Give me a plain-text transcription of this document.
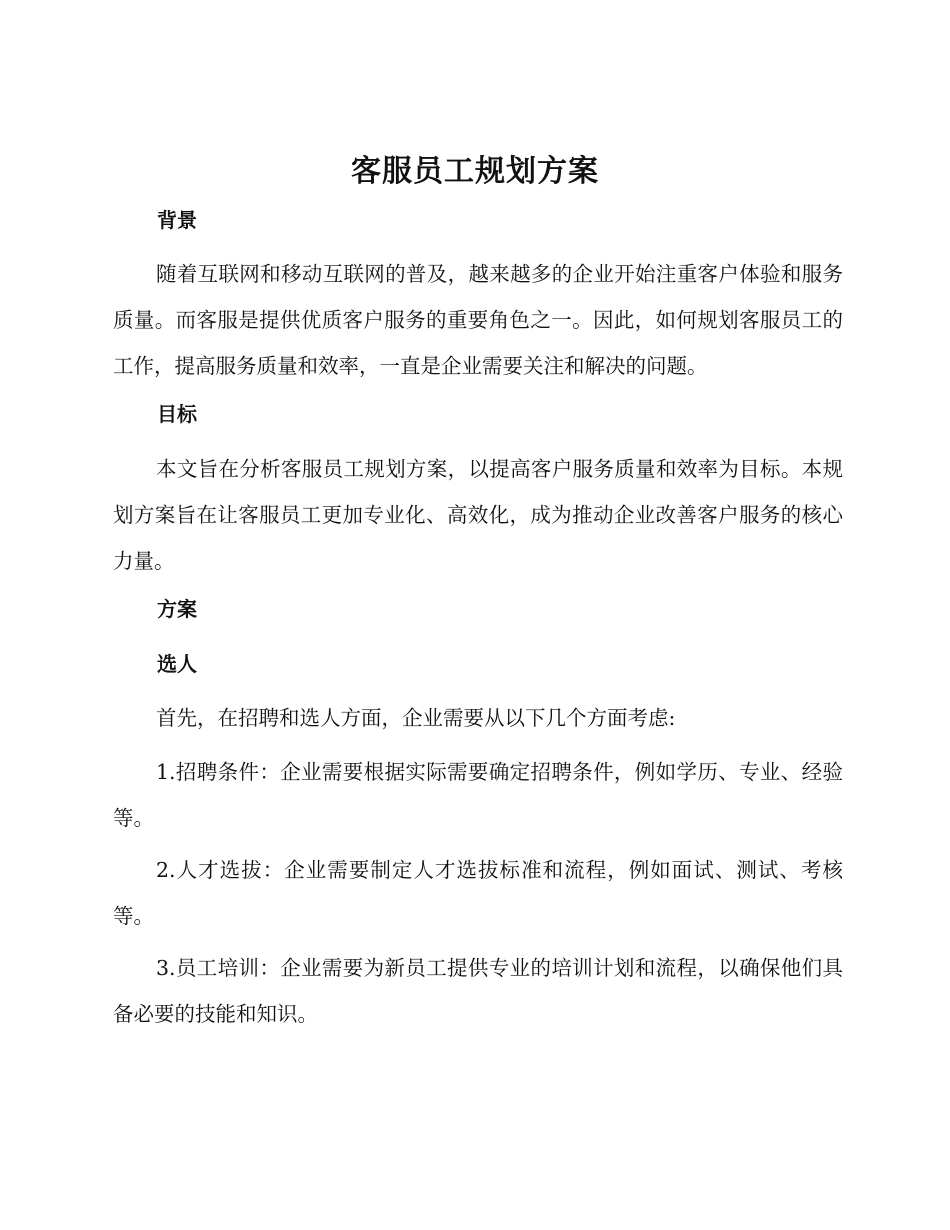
客服员工规划方案
背景

随着互联网和移动互联网的普及，越来越多的企业开始注重客户体验和服务质量。而客服是提供优质客户服务的重要角色之一。因此，如何规划客服员工的工作，提高服务质量和效率，一直是企业需要关注和解决的问题。

目标

本文旨在分析客服员工规划方案，以提高客户服务质量和效率为目标。本规划方案旨在让客服员工更加专业化、高效化，成为推动企业改善客户服务的核心力量。

方案
选人

首先，在招聘和选人方面，企业需要从以下几个方面考虑:

1.招聘条件：企业需要根据实际需要确定招聘条件，例如学历、专业、经验等。

2.人才选拔：企业需要制定人才选拔标准和流程，例如面试、测试、考核等。

3.员工培训：企业需要为新员工提供专业的培训计划和流程，以确保他们具备必要的技能和知识。
